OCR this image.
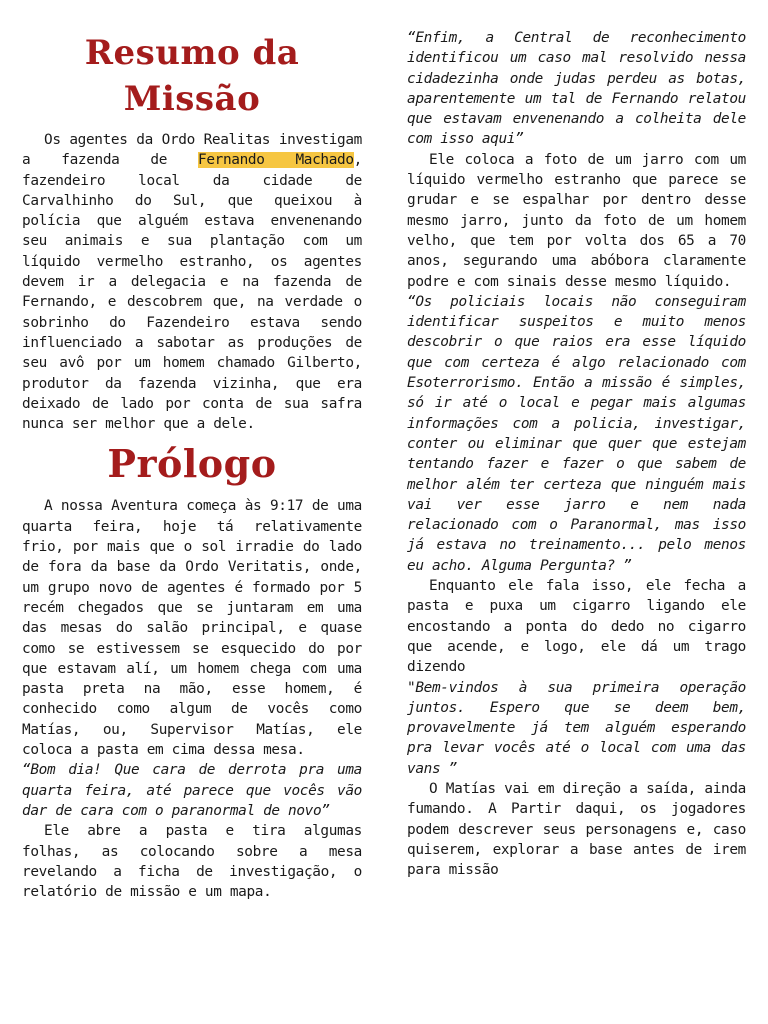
Resumo da Missão

Os agentes da Ordo Realitas investigam a fazenda de Fernando Machado, fazendeiro local da cidade de Carvalhinho do Sul, que queixou à polícia que alguém estava envenenando seu animais e sua plantação com um líquido vermelho estranho, os agentes devem ir a delegacia e na fazenda de Fernando, e descobrem que, na verdade o sobrinho do Fazendeiro estava sendo influenciado a sabotar as produções de seu avô por um homem chamado Gilberto, produtor da fazenda vizinha, que era deixado de lado por conta de sua safra nunca ser melhor que a dele.

Prólogo

A nossa Aventura começa às 9:17 de uma quarta feira, hoje tá relativamente frio, por mais que o sol irradie do lado de fora da base da Ordo Veritatis, onde, um grupo novo de agentes é formado por 5 recém chegados que se juntaram em uma das mesas do salão principal, e quase como se estivessem se esquecido do por que estavam alí, um homem chega com uma pasta preta na mão, esse homem, é conhecido como algum de vocês como Matías, ou, Supervisor Matías, ele coloca a pasta em cima dessa mesa.

“Bom dia! Que cara de derrota pra uma quarta feira, até parece que vocês vão dar de cara com o paranormal de novo”

Ele abre a pasta e tira algumas folhas, as colocando sobre a mesa revelando a ficha de investigação, o relatório de missão e um mapa.

“Enfim, a Central de reconhecimento identificou um caso mal resolvido nessa cidadezinha onde judas perdeu as botas, aparentemente um tal de Fernando relatou que estavam envenenando a colheita dele com isso aqui”

Ele coloca a foto de um jarro com um líquido vermelho estranho que parece se grudar e se espalhar por dentro desse mesmo jarro, junto da foto de um homem velho, que tem por volta dos 65 a 70 anos, segurando uma abóbora claramente podre e com sinais desse mesmo líquido.

“Os policiais locais não conseguiram identificar suspeitos e muito menos descobrir o que raios era esse líquido que com certeza é algo relacionado com Esoterrorismo. Então a missão é simples, só ir até o local e pegar mais algumas informações com a policia, investigar, conter ou eliminar que quer que estejam tentando fazer e fazer o que sabem de melhor além ter certeza que ninguém mais vai ver esse jarro e nem nada relacionado com o Paranormal, mas isso já estava no treinamento... pelo menos eu acho. Alguma Pergunta? ”

Enquanto ele fala isso, ele fecha a pasta e puxa um cigarro ligando ele encostando a ponta do dedo no cigarro que acende, e logo, ele dá um trago dizendo

"Bem-vindos à sua primeira operação juntos. Espero que se deem bem, provavelmente já tem alguém esperando pra levar vocês até o local com uma das vans ”

O Matías vai em direção a saída, ainda fumando. A Partir daqui, os jogadores podem descrever seus personagens e, caso quiserem, explorar a base antes de irem para missão
